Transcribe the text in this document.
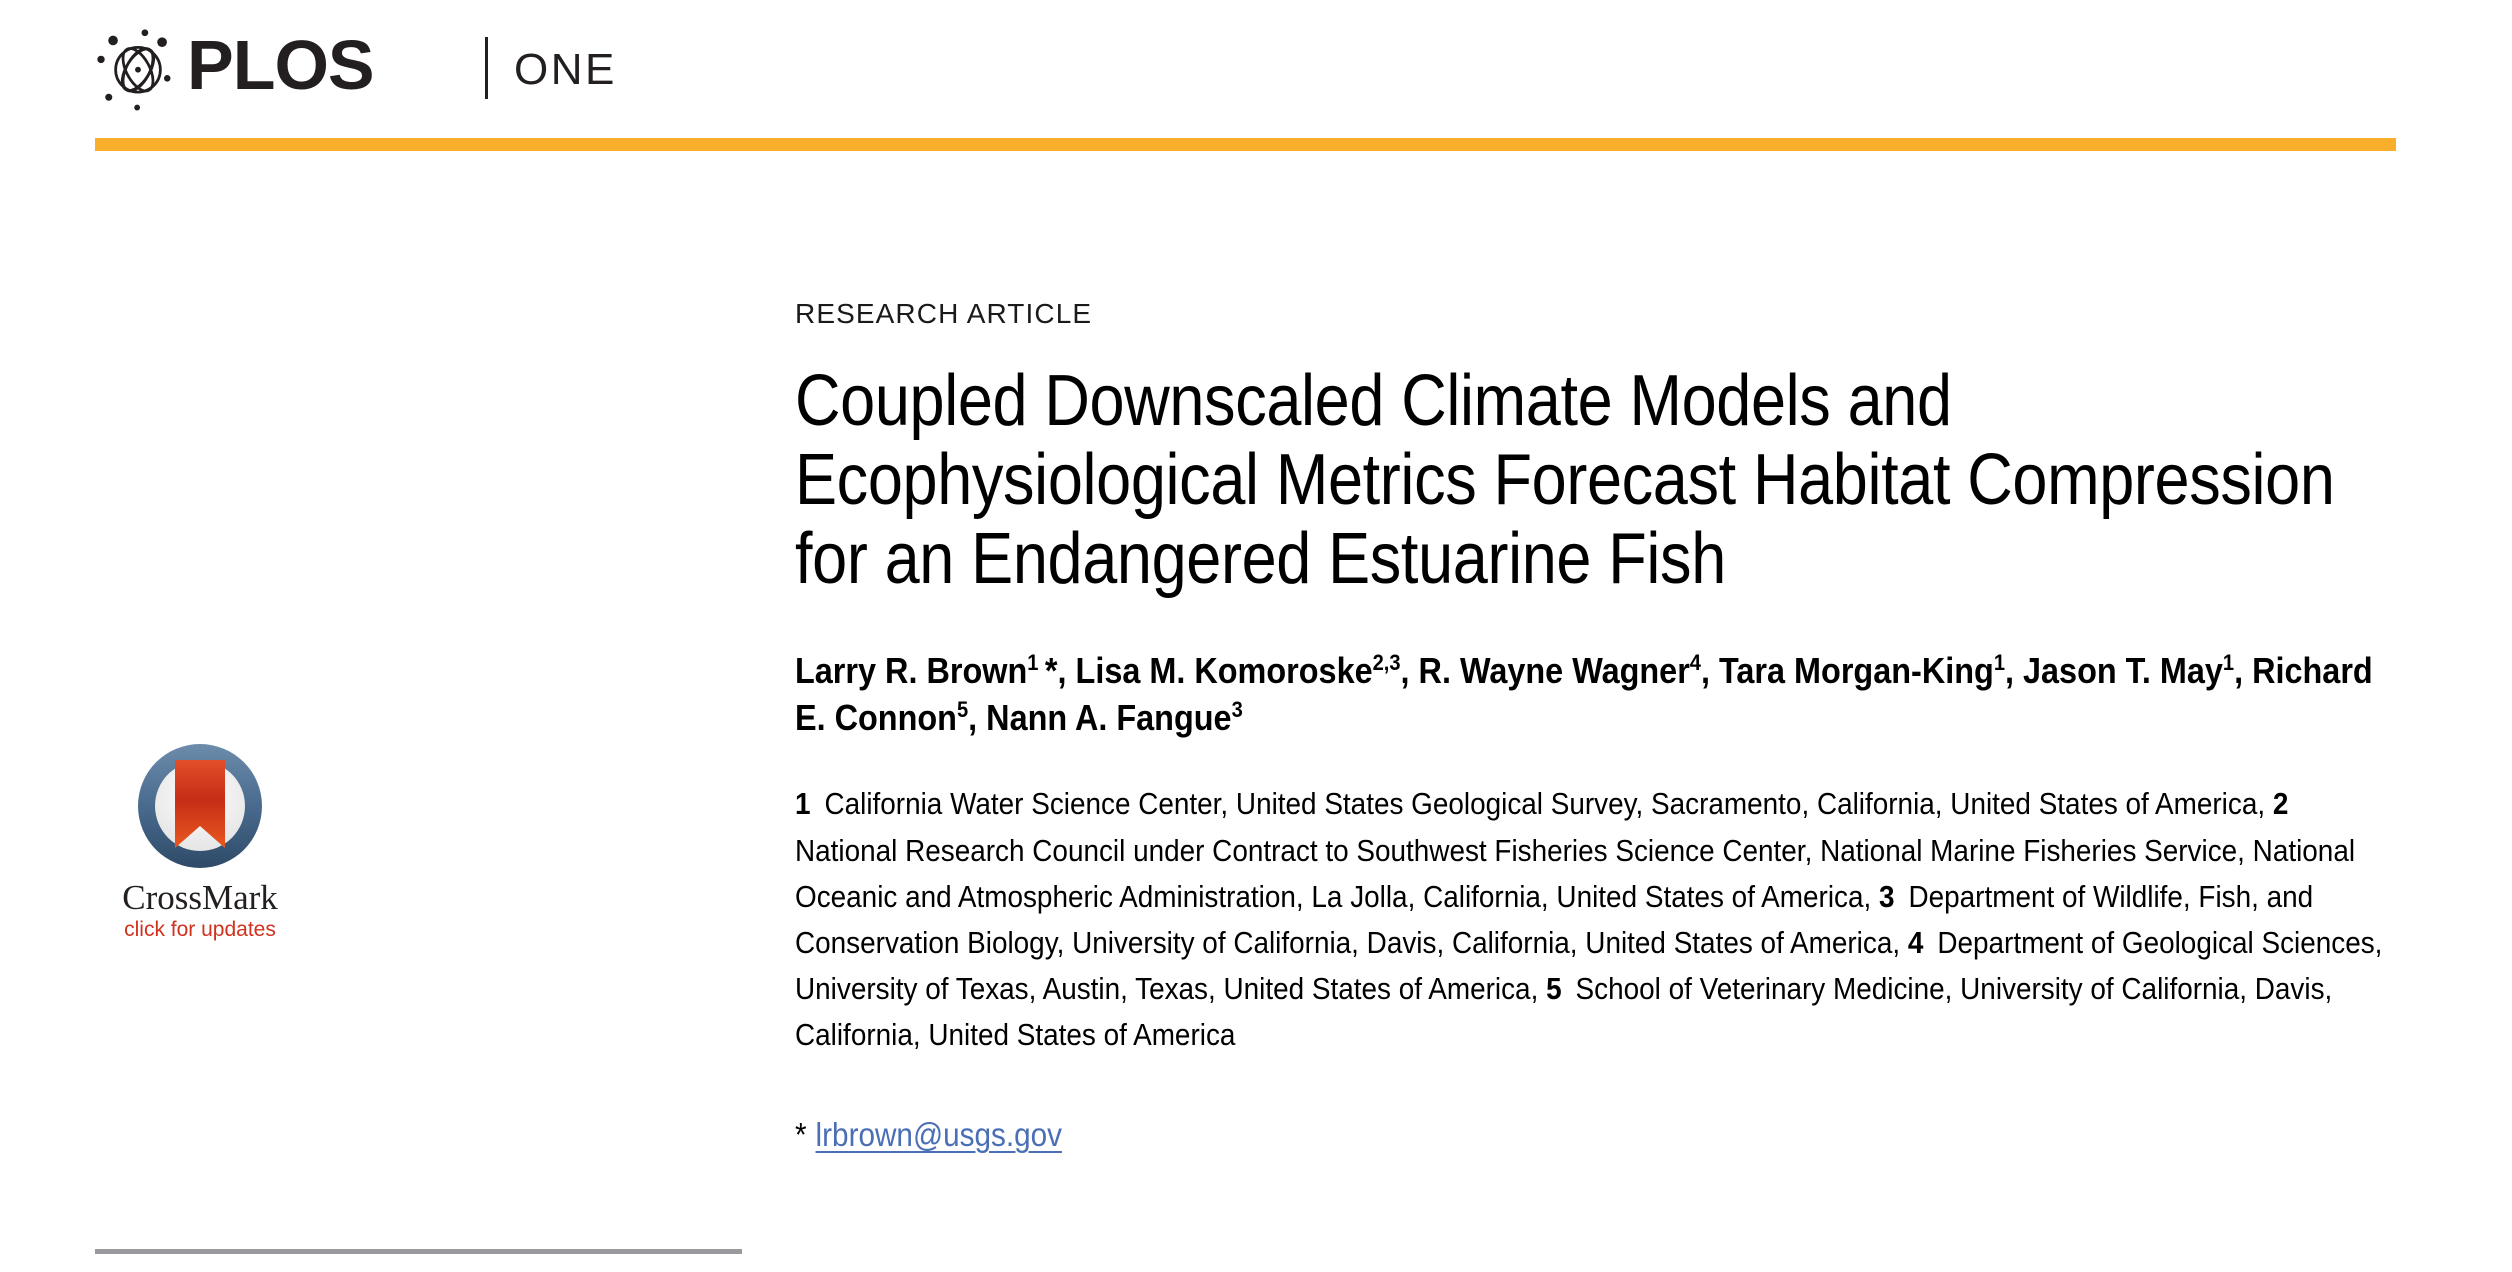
PLOS	ONE
CrossMark
click for updates
RESEARCH ARTICLE
Coupled Downscaled Climate Models and Ecophysiological Metrics Forecast Habitat Compression for an Endangered Estuarine Fish
Larry R. Brown$^1$ *, Lisa M. Komoroske$^{2,3}$, R. Wayne Wagner$^4$, Tara Morgan-King$^1$, Jason T. May$^1$, Richard E. Connon$^5$, Nann A. Fangue$^3$
1 California Water Science Center, United States Geological Survey, Sacramento, California, United States of America, 2 National Research Council under Contract to Southwest Fisheries Science Center, National Marine Fisheries Service, National Oceanic and Atmospheric Administration, La Jolla, California, United States of America, 3 Department of Wildlife, Fish, and Conservation Biology, University of California, Davis, California, United States of America, 4 Department of Geological Sciences, University of Texas, Austin, Texas, United States of America, 5 School of Veterinary Medicine, University of California, Davis, California, United States of America
* lrbrown@usgs.gov
